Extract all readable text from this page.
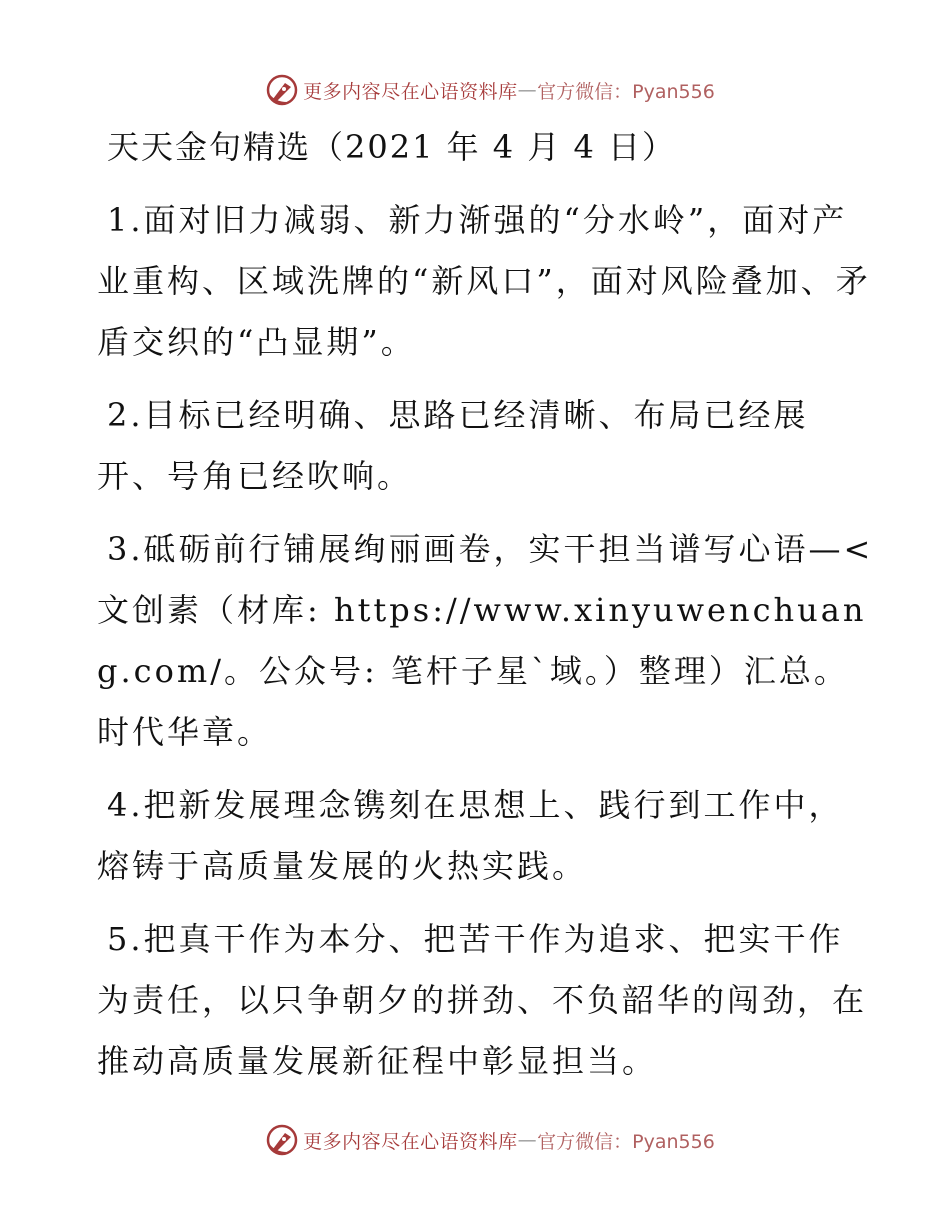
更多内容尽在心语资料库 — 官方微信：Pyan556
天天金句精选（2021 年 4 月 4 日）

1.面对旧力减弱、新力渐强的“分水岭”，面对产业重构、区域洗牌的“新风口”，面对风险叠加、矛盾交织的“凸显期”。

2.目标已经明确、思路已经清晰、布局已经展开、号角已经吹响。

3.砥砺前行铺展绚丽画卷，实干担当谱写心语—<文创素（材库: https://www.xinyuwenchuang.com/。公众号: 笔杆子星`域。）整理）汇总。时代华章。

4.把新发展理念镌刻在思想上、践行到工作中，熔铸于高质量发展的火热实践。

5.把真干作为本分、把苦干作为追求、把实干作为责任，以只争朝夕的拼劲、不负韶华的闯劲，在推动高质量发展新征程中彰显担当。

更多内容尽在心语资料库 — 官方微信：Pyan556
